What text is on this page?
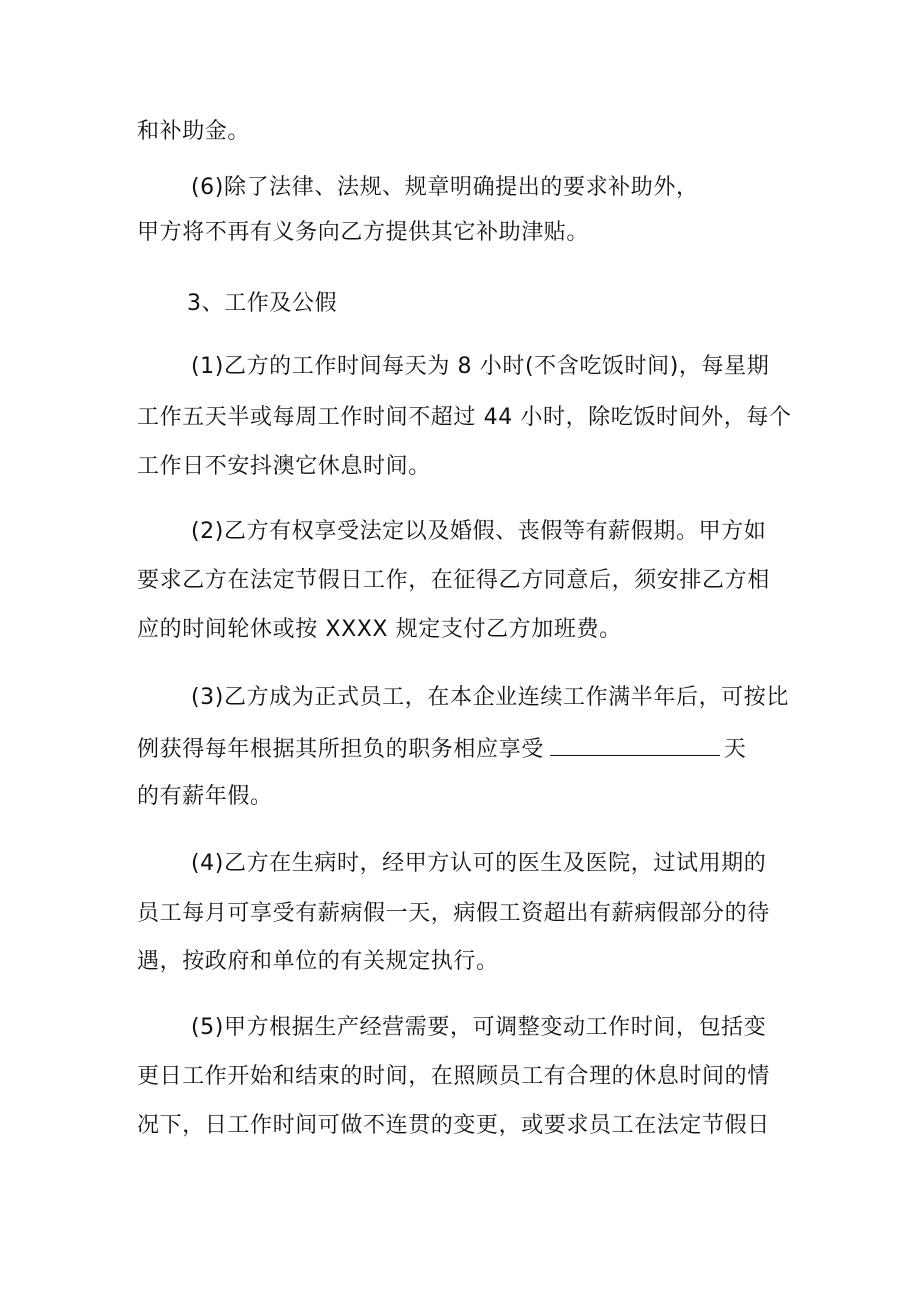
和补助金。
(6)除了法律、法规、规章明确提出的要求补助外，
甲方将不再有义务向乙方提供其它补助津贴。
3、工作及公假
(1)乙方的工作时间每天为 8 小时(不含吃饭时间)，每星期
工作五天半或每周工作时间不超过 44 小时，除吃饭时间外，每个
工作日不安抖澳它休息时间。
(2)乙方有权享受法定以及婚假、丧假等有薪假期。甲方如
要求乙方在法定节假日工作，在征得乙方同意后，须安排乙方相
应的时间轮休或按 XXXX 规定支付乙方加班费。
(3)乙方成为正式员工，在本企业连续工作满半年后，可按比
例获得每年根据其所担负的职务相应享受	天
的有薪年假。
(4)乙方在生病时，经甲方认可的医生及医院，过试用期的
员工每月可享受有薪病假一天，病假工资超出有薪病假部分的待
遇，按政府和单位的有关规定执行。
(5)甲方根据生产经营需要，可调整变动工作时间，包括变
更日工作开始和结束的时间，在照顾员工有合理的休息时间的情
况下，日工作时间可做不连贯的变更，或要求员工在法定节假日
